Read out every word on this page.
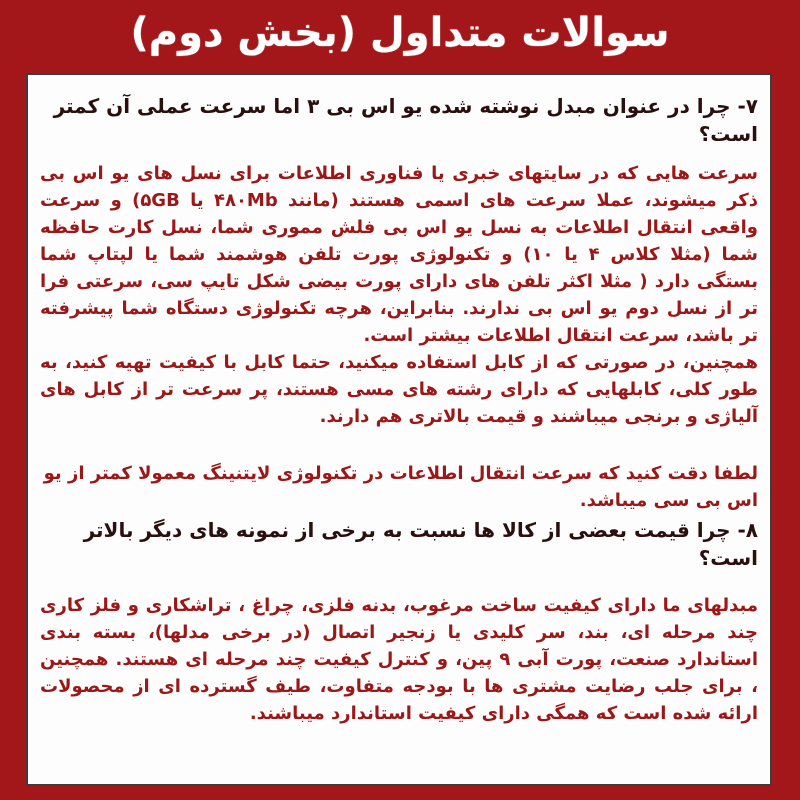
سوالات متداول (بخش دوم)

۷- چرا در عنوان مبدل نوشته شده یو اس بی ۳ اما سرعت عملی آن کمتر است؟

سرعت هایی که در سایتهای خبری یا فناوری اطلاعات برای نسل های یو اس بی ذکر میشوند، عملا سرعت های اسمی هستند (مانند ۴۸۰Mb یا ۵GB) و سرعت واقعی انتقال اطلاعات به نسل یو اس بی فلش مموری شما، نسل کارت حافظه شما (مثلا کلاس ۴ یا ۱۰) و تکنولوژی پورت تلفن هوشمند شما یا لپتاپ شما بستگی دارد ( مثلا اکثر تلفن های دارای پورت بیضی شکل تایپ سی، سرعتی فرا تر از نسل دوم یو اس بی ندارند. بنابراین، هرچه تکنولوژی دستگاه شما پیشرفته تر باشد، سرعت انتقال اطلاعات بیشتر است.

همچنین، در صورتی که از کابل استفاده میکنید، حتما کابل با کیفیت تهیه کنید، به طور کلی، کابلهایی که دارای رشته های مسی هستند، پر سرعت تر از کابل های آلیاژی و برنجی میباشند و قیمت بالاتری هم دارند.

لطفا دقت کنید که سرعت انتقال اطلاعات در تکنولوژی لایتنینگ معمولا کمتر از یو اس بی سی میباشد.

۸- چرا قیمت بعضی از کالا ها نسبت به برخی از نمونه های دیگر بالاتر است؟

مبدلهای ما دارای کیفیت ساخت مرغوب، بدنه فلزی، چراغ ، تراشکاری و فلز کاری چند مرحله ای، بند، سر کلیدی یا زنجیر اتصال (در برخی مدلها)، بسته بندی استاندارد صنعت، پورت آبی ۹ پین، و کنترل کیفیت چند مرحله ای هستند. همچنین ، برای جلب رضایت مشتری ها با بودجه متفاوت، طیف گسترده ای از محصولات ارائه شده است که همگی دارای کیفیت استاندارد میباشند.
